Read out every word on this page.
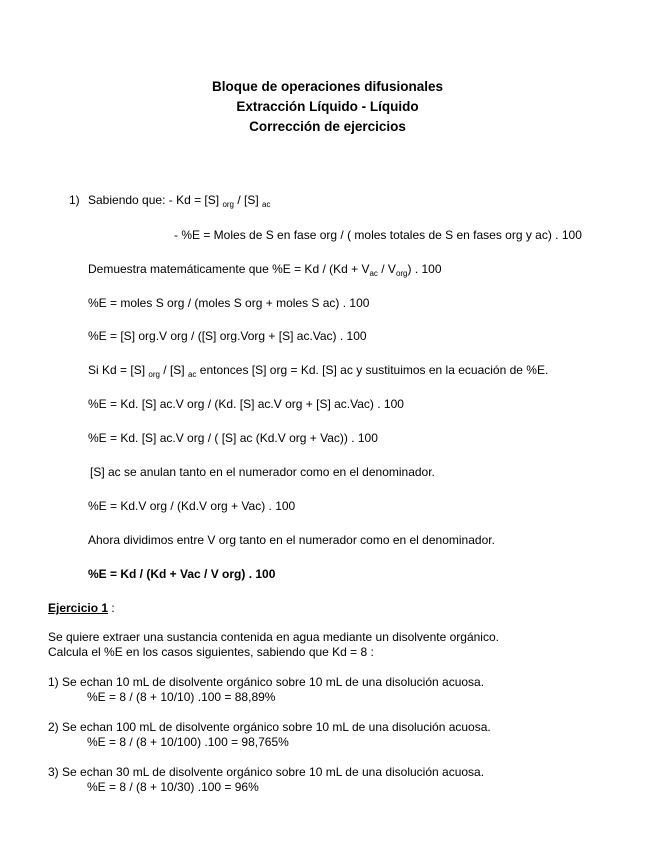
Bloque de operaciones difusionales
Extracción Líquido - Líquido
Corrección de ejercicios
1) Sabiendo que: - Kd = [S] $_{org}$ / [S] $_{ac}$
- %E = Moles de S en fase org / ( moles totales de S en fases org y ac) . 100
Demuestra matemáticamente que $\%E = Kd / (Kd + V_{ac} / V_{org})$ . 100
%E = moles S org / (moles S org + moles S ac) . 100
%E = [S] org.V org / ([S] org.Vorg + [S] ac.Vac) . 100
Si Kd = [S] $_{org}$ / [S] $_{ac}$ entonces [S] org = Kd. [S] ac y sustituimos en la ecuación de %E.
%E = Kd. [S] ac.V org / (Kd. [S] ac.V org + [S] ac.Vac) . 100
%E = Kd. [S] ac.V org / ( [S] ac (Kd.V org + Vac)) . 100
[S] ac se anulan tanto en el numerador como en el denominador.
%E = Kd.V org / (Kd.V org + Vac) . 100
Ahora dividimos entre V org tanto en el numerador como en el denominador.
%E = Kd / (Kd + Vac / V org) . 100
Ejercicio 1 :
Se quiere extraer una sustancia contenida en agua mediante un disolvente orgánico.
Calcula el %E en los casos siguientes, sabiendo que Kd = 8 :
1) Se echan 10 mL de disolvente orgánico sobre 10 mL de una disolución acuosa.
%E = 8 / (8 + 10/10) .100 = 88,89%
2) Se echan 100 mL de disolvente orgánico sobre 10 mL de una disolución acuosa.
%E = 8 / (8 + 10/100) .100 = 98,765%
3) Se echan 30 mL de disolvente orgánico sobre 10 mL de una disolución acuosa.
%E = 8 / (8 + 10/30) .100 = 96%
